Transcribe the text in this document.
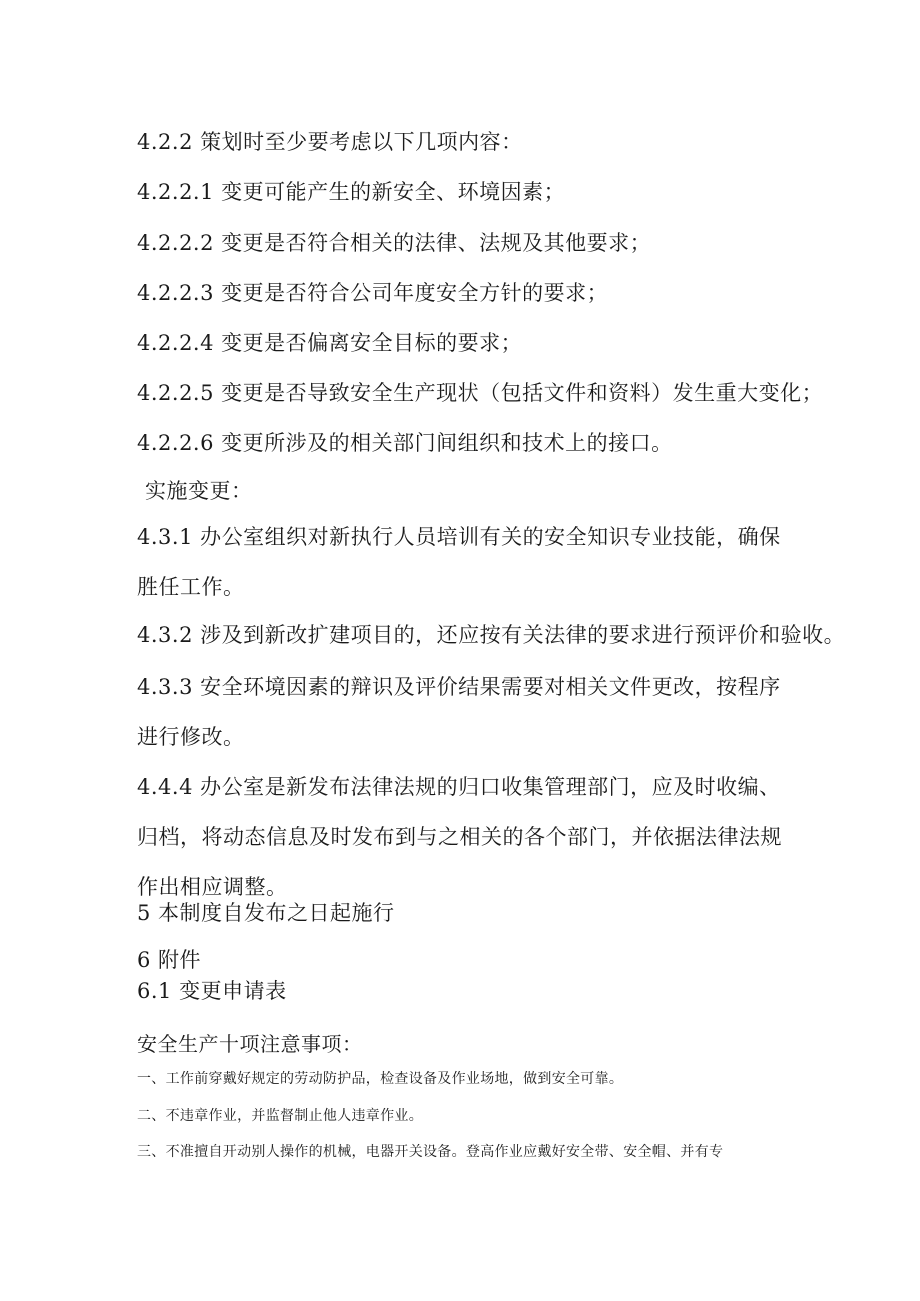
4.2.2 策划时至少要考虑以下几项内容：
4.2.2.1 变更可能产生的新安全、环境因素；
4.2.2.2 变更是否符合相关的法律、法规及其他要求；
4.2.2.3 变更是否符合公司年度安全方针的要求；
4.2.2.4 变更是否偏离安全目标的要求；
4.2.2.5 变更是否导致安全生产现状（包括文件和资料）发生重大变化；
4.2.2.6 变更所涉及的相关部门间组织和技术上的接口。
实施变更：
4.3.1 办公室组织对新执行人员培训有关的安全知识专业技能，确保胜任工作。
4.3.2 涉及到新改扩建项目的，还应按有关法律的要求进行预评价和验收。
4.3.3 安全环境因素的辩识及评价结果需要对相关文件更改，按程序进行修改。
4.4.4 办公室是新发布法律法规的归口收集管理部门，应及时收编、归档，将动态信息及时发布到与之相关的各个部门，并依据法律法规作出相应调整。
5 本制度自发布之日起施行
6 附件
6.1 变更申请表
安全生产十项注意事项：
一、工作前穿戴好规定的劳动防护品，检查设备及作业场地，做到安全可靠。
二、不违章作业，并监督制止他人违章作业。
三、不准擅自开动别人操作的机械，电器开关设备。登高作业应戴好安全带、安全帽、并有专
